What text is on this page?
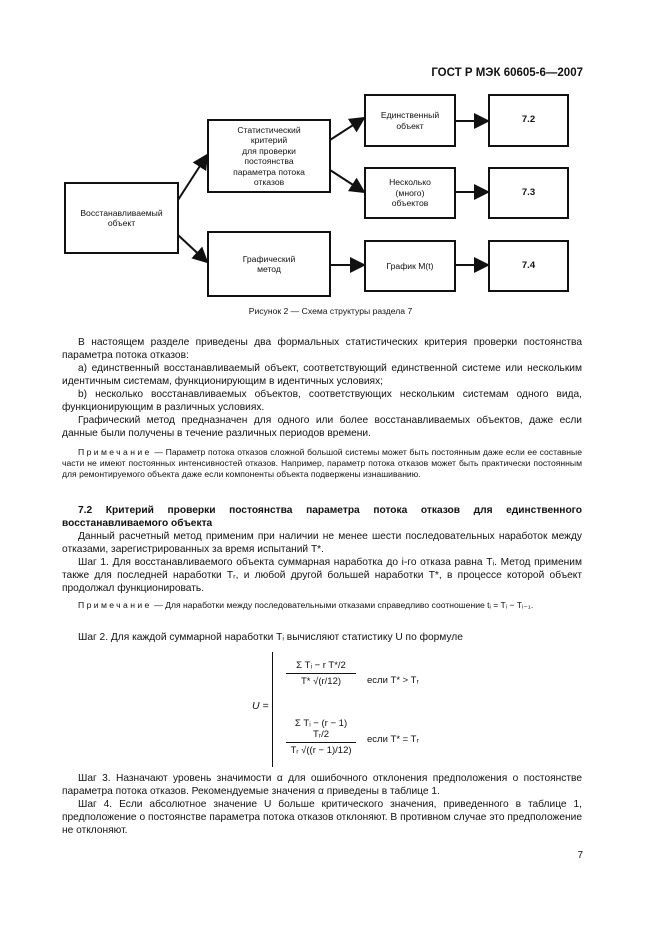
ГОСТ Р МЭК 60605-6—2007
Восстанавливаемый
объект
Статистический
критерий
для проверки
постоянства
параметра потока
отказов
Графический
метод
Единственный
объект
Несколько
(много)
объектов
График M(t)
7.2
7.3
7.4
Рисунок 2 — Схема структуры раздела 7

В настоящем разделе приведены два формальных статистических критерия проверки постоянства параметра потока отказов:

а) единственный восстанавливаемый объект, соответствующий единственной системе или нескольким идентичным системам, функционирующим в идентичных условиях;

b) несколько восстанавливаемых объектов, соответствующих нескольким системам одного вида, функционирующим в различных условиях.

Графический метод предназначен для одного или более восстанавливаемых объектов, даже если данные были получены в течение различных периодов времени.

Примечание — Параметр потока отказов сложной большой системы может быть постоянным даже если ее составные части не имеют постоянных интенсивностей отказов. Например, параметр потока отказов может быть практически постоянным для ремонтируемого объекта даже если компоненты объекта подвержены изнашиванию.

7.2 Критерий проверки постоянства параметра потока отказов для единственного восстанавливаемого объекта

Данный расчетный метод применим при наличии не менее шести последовательных наработок между отказами, зарегистрированных за время испытаний T*.

Шаг 1. Для восстанавливаемого объекта суммарная наработка до i-го отказа равна Tᵢ. Метод применим также для последней наработки Tᵣ, и любой другой большей наработки T*, в процессе которой объект продолжал функционировать.

Примечание — Для наработки между последовательными отказами справедливо соотношение tᵢ = Tᵢ − Tᵢ₋₁.

Шаг 2. Для каждой суммарной наработки Tᵢ вычисляют статистику U по формуле

U =
Σ Tᵢ − r T*/2
T* √(r/12)	если T* > Tᵣ
Σ Tᵢ − (r − 1) Tᵣ/2
Tᵣ √((r − 1)/12)
если T* = Tᵣ

Шаг 3. Назначают уровень значимости α для ошибочного отклонения предположения о постоянстве параметра потока отказов. Рекомендуемые значения α приведены в таблице 1.

Шаг 4. Если абсолютное значение U больше критического значения, приведенного в таблице 1, предположение о постоянстве параметра потока отказов отклоняют. В противном случае это предположение не отклоняют.

7
